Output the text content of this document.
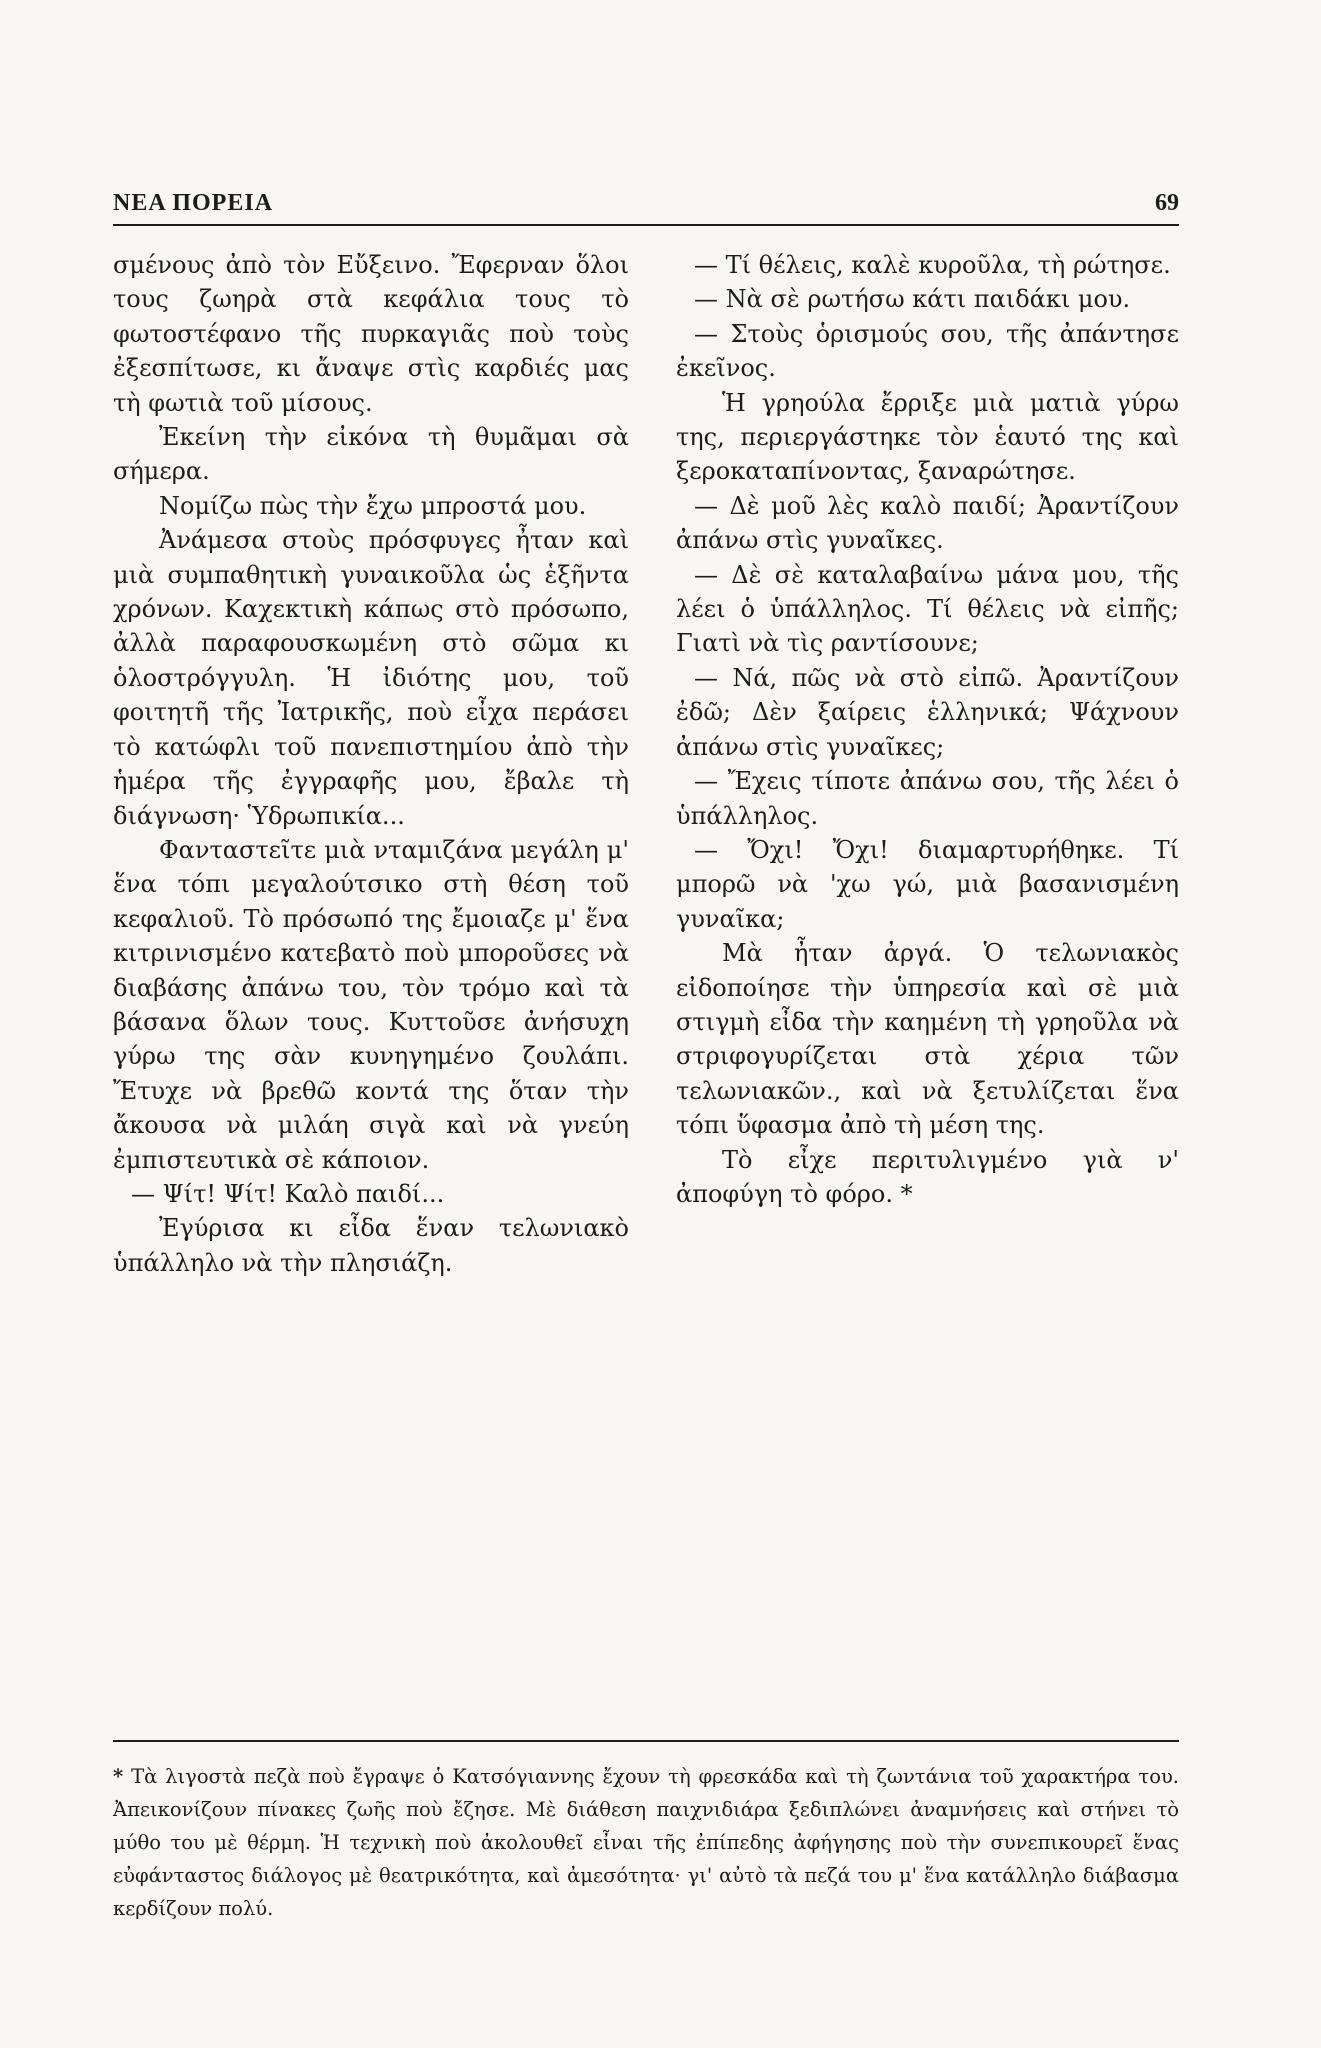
ΝΕΑ ΠΟΡΕΙΑ	69

σμένους ἀπὸ τὸν Εὔξεινο. Ἔφερναν ὅλοι τους ζωηρὰ στὰ κεφάλια τους τὸ φωτοστέφανο τῆς πυρκαγιᾶς ποὺ τοὺς ἐξεσπίτωσε, κι ἄναψε στὶς καρδιές μας τὴ φωτιὰ τοῦ μίσους.

Ἐκείνη τὴν εἰκόνα τὴ θυμᾶμαι σὰ σήμερα.

Νομίζω πὼς τὴν ἔχω μπροστά μου.

Ἀνάμεσα στοὺς πρόσφυγες ἦταν καὶ μιὰ συμπαθητικὴ γυναικοῦλα ὡς ἑξῆντα χρόνων. Καχεκτικὴ κάπως στὸ πρόσωπο, ἀλλὰ παραφουσκωμένη στὸ σῶμα κι ὁλοστρόγγυλη. Ἡ ἰδιότης μου, τοῦ φοιτητῆ τῆς Ἰατρικῆς, ποὺ εἶχα περάσει τὸ κατώφλι τοῦ πανεπιστημίου ἀπὸ τὴν ἡμέρα τῆς ἐγγραφῆς μου, ἔβαλε τὴ διάγνωση· Ὑδρωπικία...

Φανταστεῖτε μιὰ νταμιζάνα μεγάλη μ' ἕνα τόπι μεγαλούτσικο στὴ θέση τοῦ κεφαλιοῦ. Τὸ πρόσωπό της ἔμοιαζε μ' ἕνα κιτρινισμένο κατεβατὸ ποὺ μποροῦσες νὰ διαβάσης ἀπάνω του, τὸν τρόμο καὶ τὰ βάσανα ὅλων τους. Κυττοῦσε ἀνήσυχη γύρω της σὰν κυνηγημένο ζουλάπι. Ἔτυχε νὰ βρεθῶ κοντά της ὅταν τὴν ἄκουσα νὰ μιλάη σιγὰ καὶ νὰ γνεύη ἐμπιστευτικὰ σὲ κάποιον.

— Ψίτ! Ψίτ! Καλὸ παιδί...

Ἐγύρισα κι εἶδα ἕναν τελωνιακὸ ὑπάλληλο νὰ τὴν πλησιάζη.

— Τί θέλεις, καλὲ κυροῦλα, τὴ ρώτησε.

— Νὰ σὲ ρωτήσω κάτι παιδάκι μου.

— Στοὺς ὁρισμούς σου, τῆς ἀπάντησε ἐκεῖνος.

Ἡ γρηούλα ἔρριξε μιὰ ματιὰ γύρω της, περιεργάστηκε τὸν ἑαυτό της καὶ ξεροκαταπίνοντας, ξαναρώτησε.

— Δὲ μοῦ λὲς καλὸ παιδί; Ἀραντίζουν ἀπάνω στὶς γυναῖκες.

— Δὲ σὲ καταλαβαίνω μάνα μου, τῆς λέει ὁ ὑπάλληλος. Τί θέλεις νὰ εἰπῆς; Γιατὶ νὰ τὶς ραντίσουνε;

— Νά, πῶς νὰ στὸ εἰπῶ. Ἀραντίζουν ἐδῶ; Δὲν ξαίρεις ἑλληνικά; Ψάχνουν ἀπάνω στὶς γυναῖκες;

— Ἔχεις τίποτε ἀπάνω σου, τῆς λέει ὁ ὑπάλληλος.

— Ὄχι! Ὄχι! διαμαρτυρήθηκε. Τί μπορῶ νὰ 'χω γώ, μιὰ βασανισμένη γυναῖκα;

Μὰ ἦταν ἀργά. Ὁ τελωνιακὸς εἰδοποίησε τὴν ὑπηρεσία καὶ σὲ μιὰ στιγμὴ εἶδα τὴν καημένη τὴ γρηοῦλα νὰ στριφογυρίζεται στὰ χέρια τῶν τελωνιακῶν., καὶ νὰ ξετυλίζεται ἕνα τόπι ὕφασμα ἀπὸ τὴ μέση της.

Τὸ εἶχε περιτυλιγμένο γιὰ ν' ἀποφύγη τὸ φόρο. *

* Τὰ λιγοστὰ πεζὰ ποὺ ἔγραψε ὁ Κατσόγιαννης ἔχουν τὴ φρεσκάδα καὶ τὴ ζωντάνια τοῦ χαρακτήρα του. Ἀπεικονίζουν πίνακες ζωῆς ποὺ ἔζησε. Μὲ διάθεση παιχνιδιάρα ξεδιπλώνει ἀναμνήσεις καὶ στήνει τὸ μύθο του μὲ θέρμη. Ἡ τεχνικὴ ποὺ ἀκολουθεῖ εἶναι τῆς ἐπίπεδης ἀφήγησης ποὺ τὴν συνεπικουρεῖ ἕνας εὐφάνταστος διάλογος μὲ θεατρικότητα, καὶ ἀμεσότητα· γι' αὐτὸ τὰ πεζά του μ' ἕνα κατάλληλο διάβασμα κερδίζουν πολύ.
